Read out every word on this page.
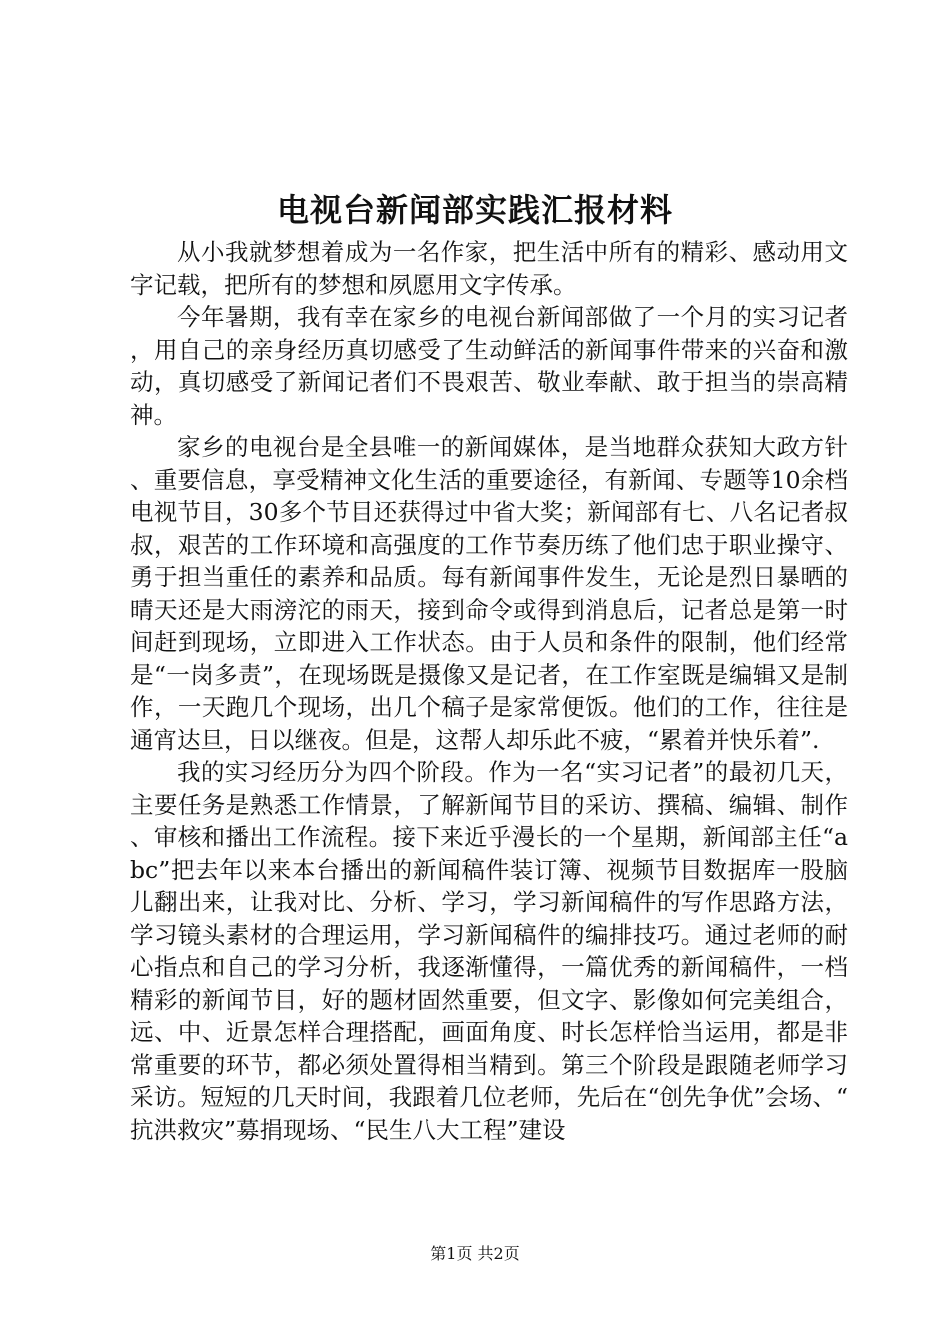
电视台新闻部实践汇报材料

从小我就梦想着成为一名作家，把生活中所有的精彩、感动用文字记载，把所有的梦想和夙愿用文字传承。

今年暑期，我有幸在家乡的电视台新闻部做了一个月的实习记者，用自己的亲身经历真切感受了生动鲜活的新闻事件带来的兴奋和激动，真切感受了新闻记者们不畏艰苦、敬业奉献、敢于担当的崇高精神。

家乡的电视台是全县唯一的新闻媒体，是当地群众获知大政方针、重要信息，享受精神文化生活的重要途径，有新闻、专题等10余档电视节目，30多个节目还获得过中省大奖；新闻部有七、八名记者叔叔，艰苦的工作环境和高强度的工作节奏历练了他们忠于职业操守、勇于担当重任的素养和品质。每有新闻事件发生，无论是烈日暴晒的晴天还是大雨滂沱的雨天，接到命令或得到消息后，记者总是第一时间赶到现场，立即进入工作状态。由于人员和条件的限制，他们经常是“一岗多责”，在现场既是摄像又是记者，在工作室既是编辑又是制作，一天跑几个现场，出几个稿子是家常便饭。他们的工作，往往是通宵达旦，日以继夜。但是，这帮人却乐此不疲，“累着并快乐着”.

我的实习经历分为四个阶段。作为一名“实习记者”的最初几天，主要任务是熟悉工作情景，了解新闻节目的采访、撰稿、编辑、制作、审核和播出工作流程。接下来近乎漫长的一个星期，新闻部主任“abc”把去年以来本台播出的新闻稿件装订簿、视频节目数据库一股脑儿翻出来，让我对比、分析、学习，学习新闻稿件的写作思路方法，学习镜头素材的合理运用，学习新闻稿件的编排技巧。通过老师的耐心指点和自己的学习分析，我逐渐懂得，一篇优秀的新闻稿件，一档精彩的新闻节目，好的题材固然重要，但文字、影像如何完美组合，远、中、近景怎样合理搭配，画面角度、时长怎样恰当运用，都是非常重要的环节，都必须处置得相当精到。第三个阶段是跟随老师学习采访。短短的几天时间，我跟着几位老师，先后在“创先争优”会场、“抗洪救灾”募捐现场、“民生八大工程”建设

第1页 共2页
